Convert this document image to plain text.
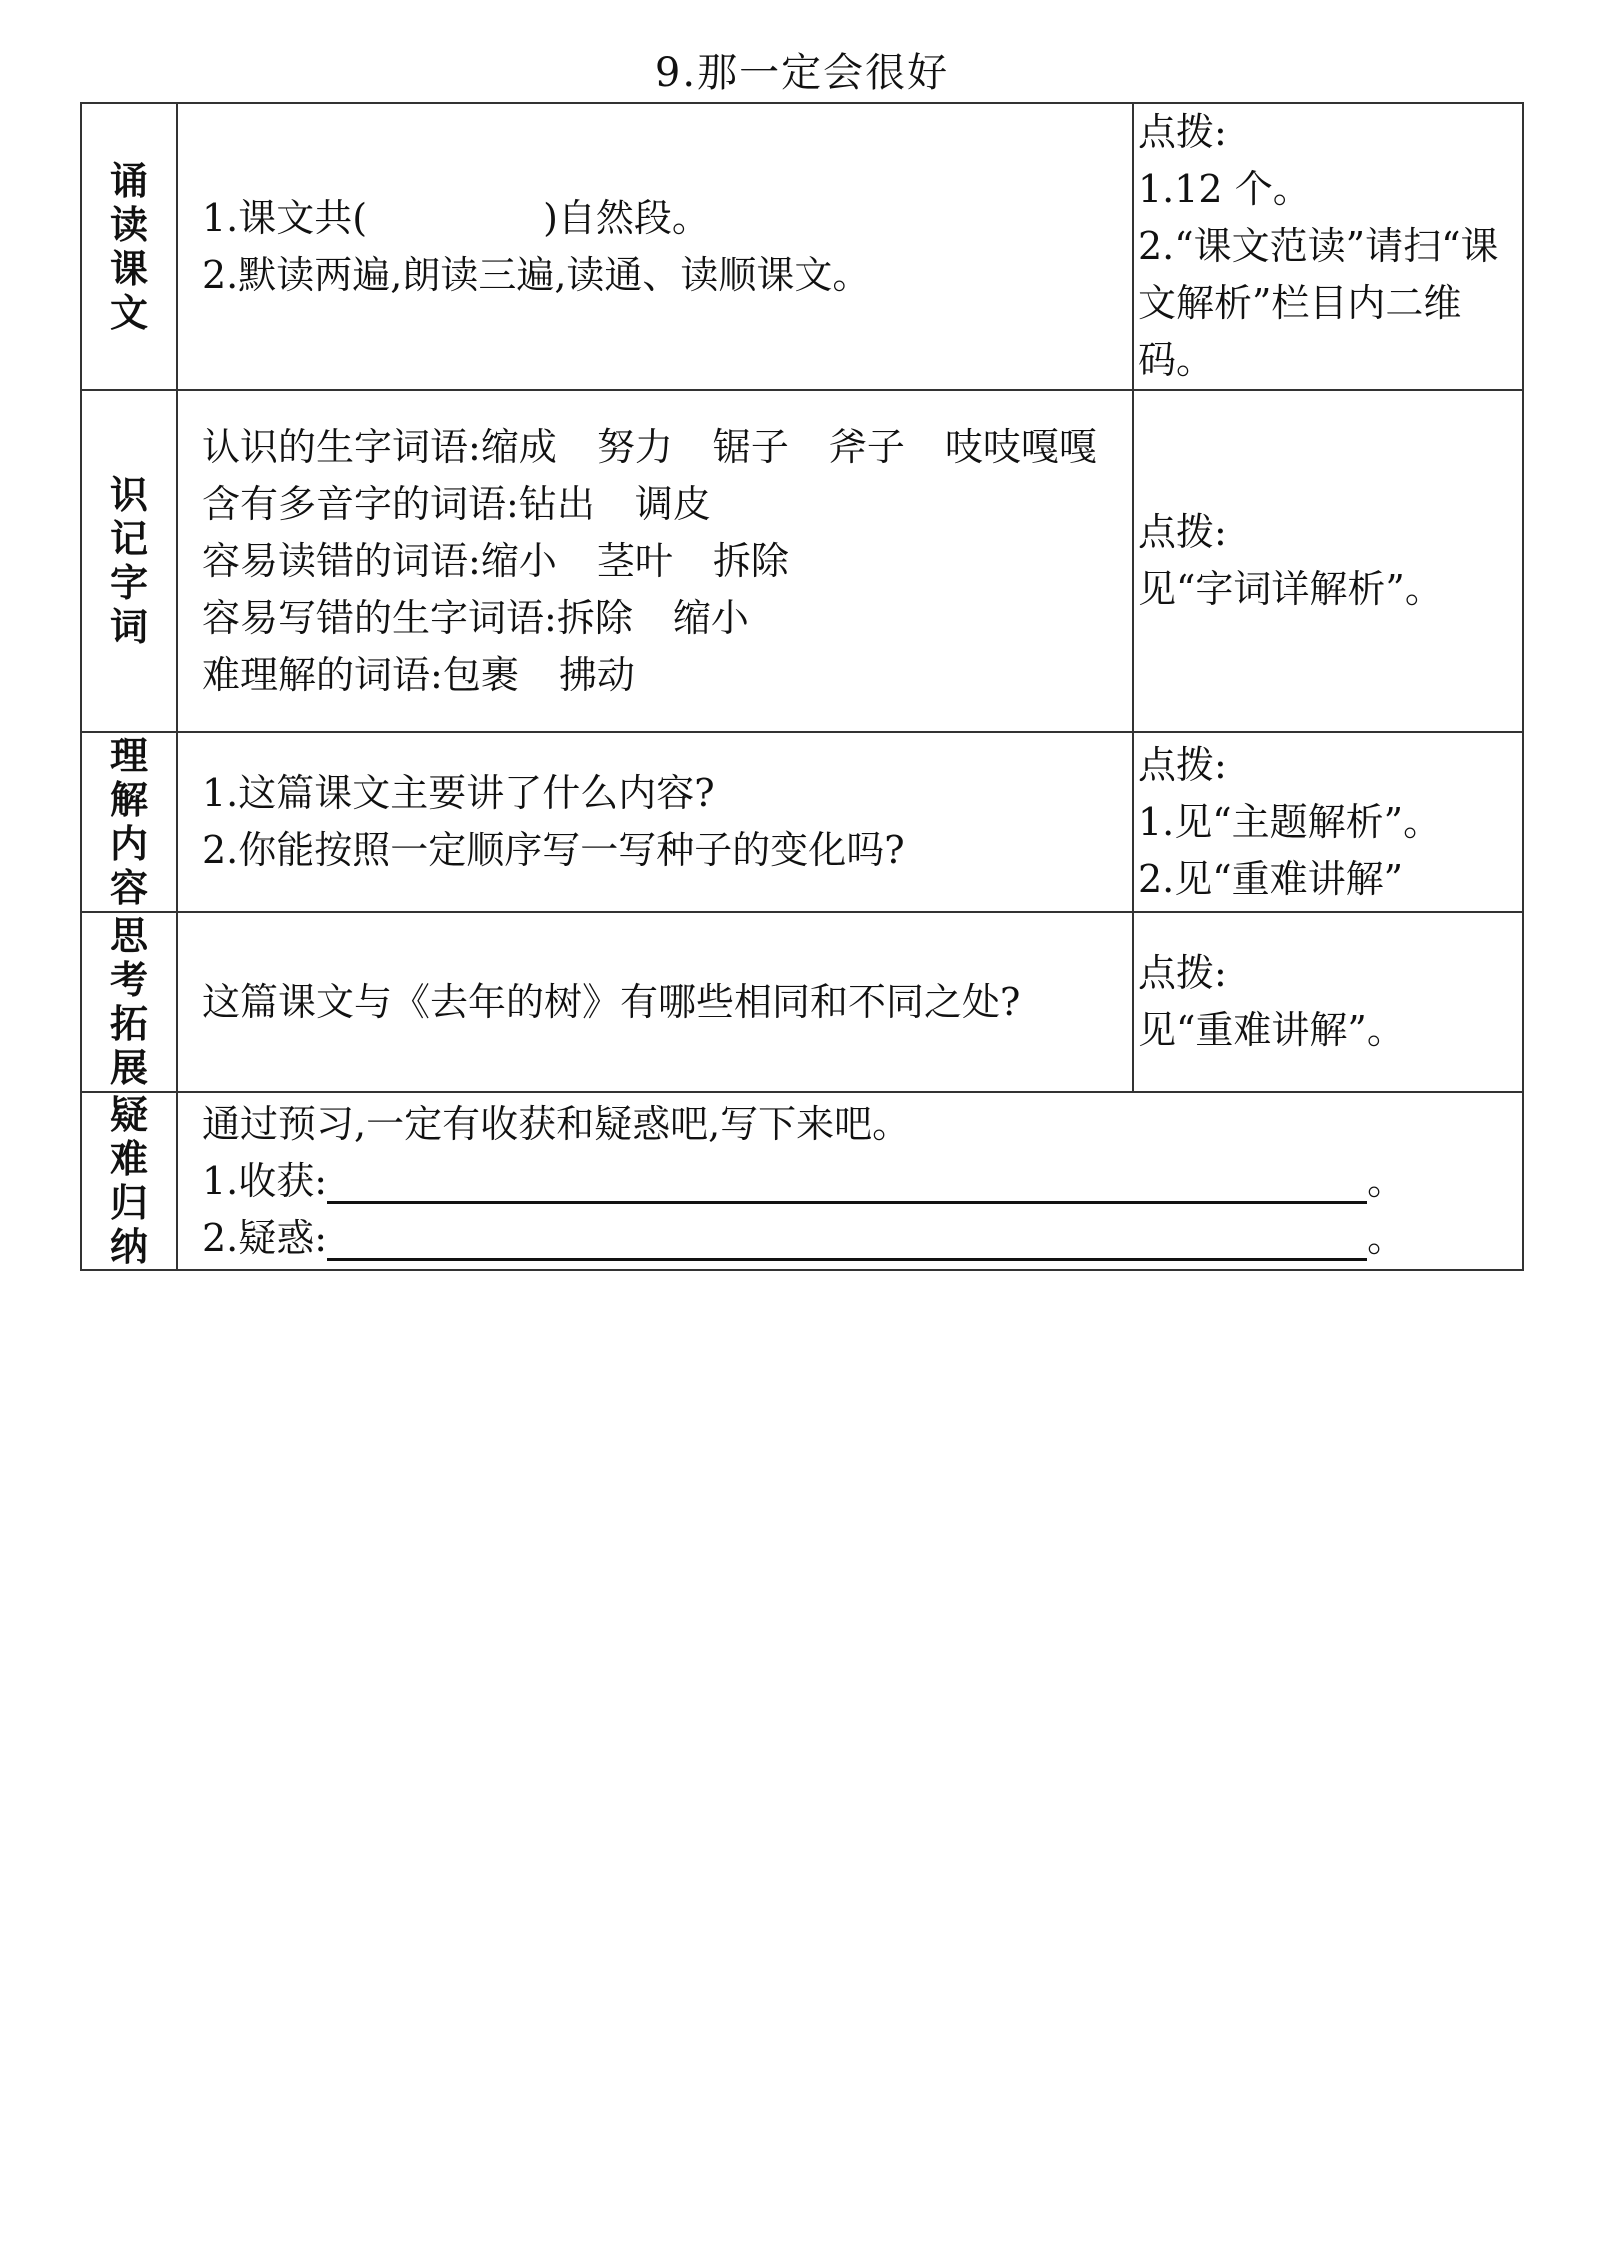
9.那一定会很好
诵
读
课
文	1.课文共( )自然段。
2.默读两遍,朗读三遍,读通、读顺课文。	点拨:
1.12 个。
2.“课文范读”请扫“课文解析”栏目内二维码。

识
记
字
词	认识的生字词语:缩成 努力 锯子 斧子 吱吱嘎嘎
含有多音字的词语:钻出 调皮
容易读错的词语:缩小 茎叶 拆除
容易写错的生字词语:拆除 缩小
难理解的词语:包裹 拂动	点拨:
见“字词详解析”。

理
解
内
容	1.这篇课文主要讲了什么内容?
2.你能按照一定顺序写一写种子的变化吗?	点拨:
1.见“主题解析”。
2.见“重难讲解”

思
考
拓
展	这篇课文与《去年的树》有哪些相同和不同之处?	点拨:
见“重难讲解”。

疑
难
归
纳	通过预习,一定有收获和疑惑吧,写下来吧。
1.收获: 。
2.疑惑: 。	
